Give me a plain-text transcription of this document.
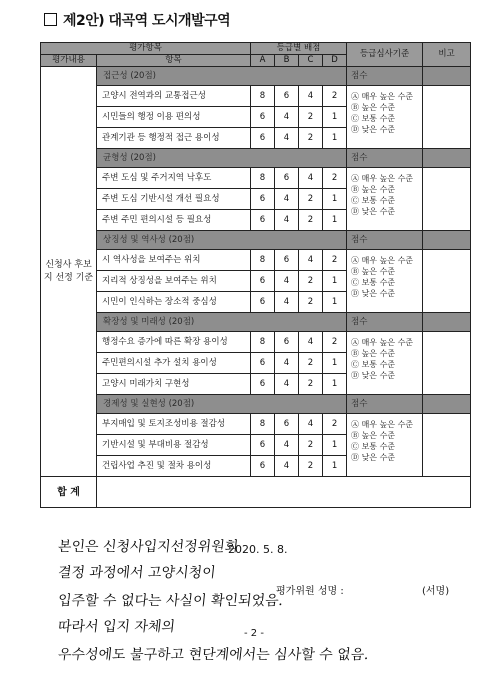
제2안) 대곡역 도시개발구역
평가항목		등급별 배점				등급심사기준	비고
평가내용	항목	A	B	C	D		
신청사 후보지 선정 기준	접근성 (20점)					점수	
	고양시 전역과의 교통접근성	8	6	4	2	Ⓐ 매우 높은 수준
Ⓑ 높은 수준
Ⓒ 보통 수준
Ⓓ 낮은 수준	

	시민들의 행정 이용 편의성	6	4	2	1		
	관계기관 등 행정적 접근 용이성	6	4	2	1		
	균형성 (20점)					점수	
	주변 도심 및 주거지역 낙후도	8	6	4	2	Ⓐ 매우 높은 수준
Ⓑ 높은 수준
Ⓒ 보통 수준
Ⓓ 낮은 수준	

	주변 도심 기반시설 개선 필요성	6	4	2	1		
	주변 주민 편의시설 등 필요성	6	4	2	1		
	상징성 및 역사성 (20점)					점수	
	시 역사성을 보여주는 위치	8	6	4	2	Ⓐ 매우 높은 수준
Ⓑ 높은 수준
Ⓒ 보통 수준
Ⓓ 낮은 수준	

	지리적 상징성을 보여주는 위치	6	4	2	1		
	시민이 인식하는 장소적 중심성	6	4	2	1		
	확장성 및 미래성 (20점)					점수	
	행정수요 증가에 따른 확장 용이성	8	6	4	2	Ⓐ 매우 높은 수준
Ⓑ 높은 수준
Ⓒ 보통 수준
Ⓓ 낮은 수준	

	주민편의시설 추가 설치 용이성	6	4	2	1		
	고양시 미래가치 구현성	6	4	2	1		
	경제성 및 실현성 (20점)					점수	
	부지매입 및 토지조성비용 절감성	8	6	4	2	Ⓐ 매우 높은 수준
Ⓑ 높은 수준
Ⓒ 보통 수준
Ⓓ 낮은 수준	

	기반시설 및 부대비용 절감성	6	4	2	1		
	건립사업 추진 및 절차 용이성	6	4	2	1		
합 계							
본인은 신청사입지선정위원회
2020. 5. 8.
결정 과정에서 고양시청이
입주할 수 없다는 사실이 확인되었음.
평가위원 성명 :	(서명)
따라서 입지 자체의	- 2 -
우수성에도 불구하고 현단계에서는 심사할 수 없음.
